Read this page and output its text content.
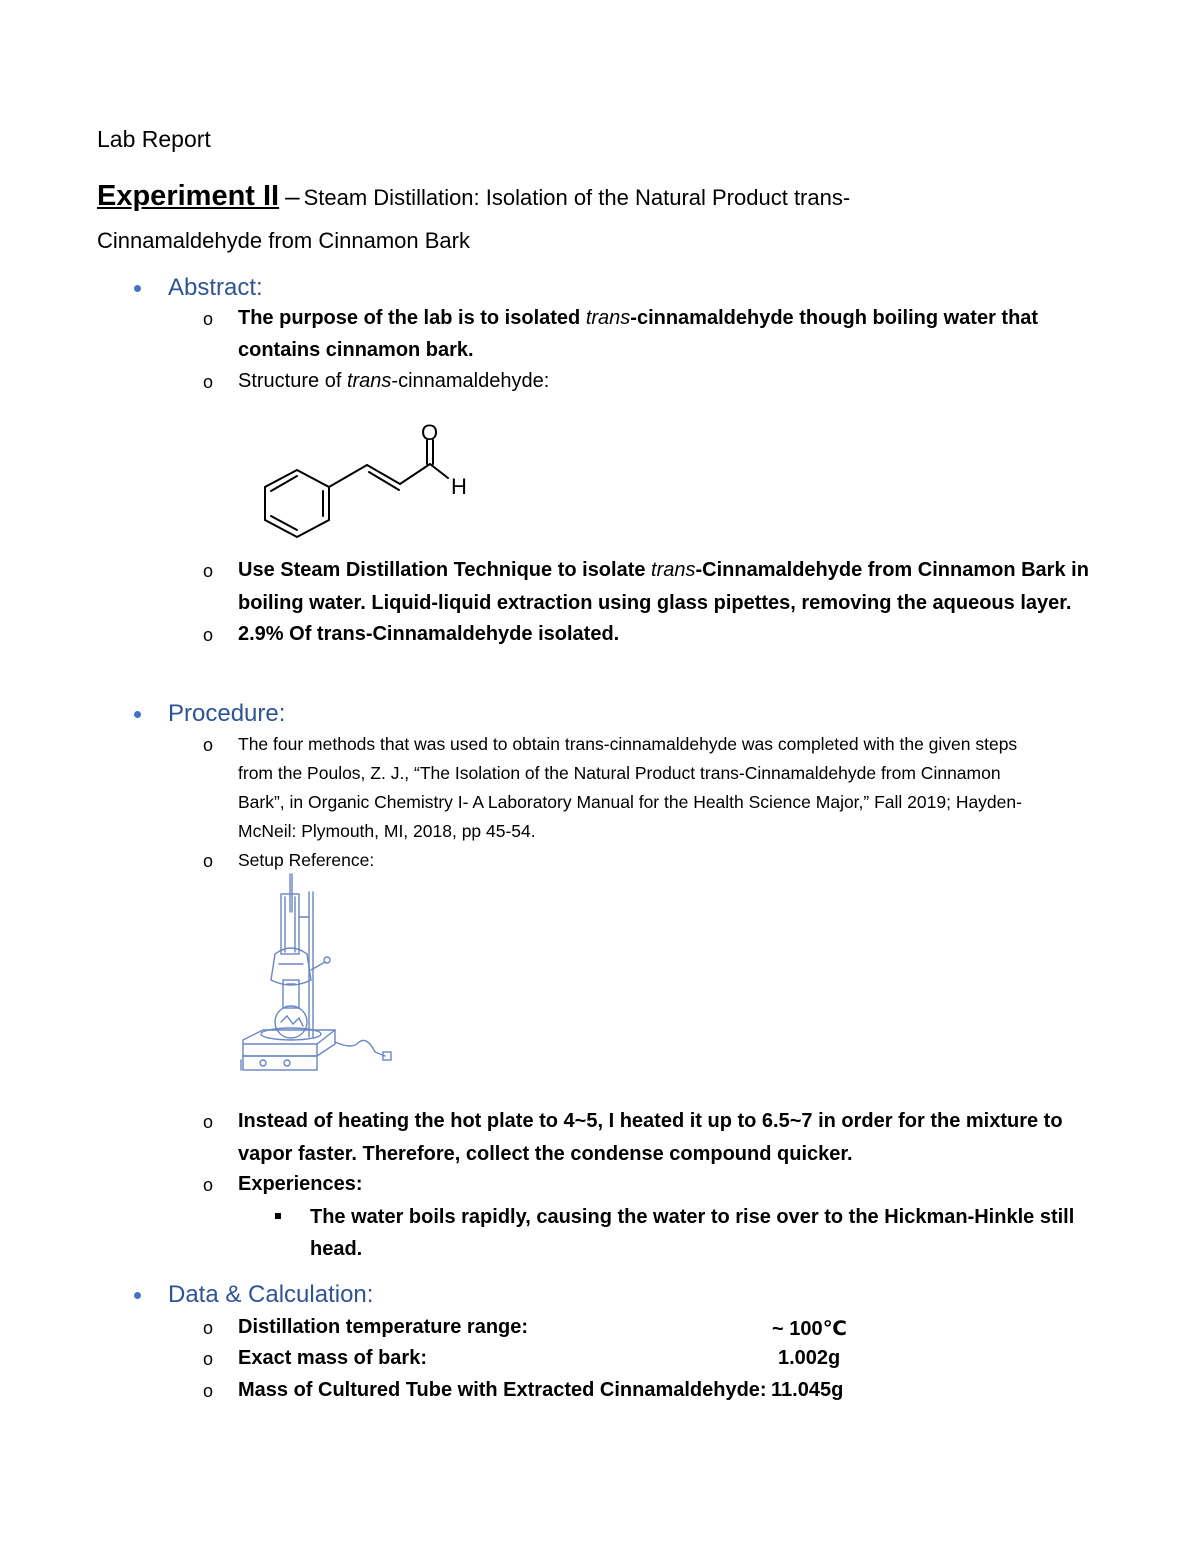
Lab Report
Experiment II – Steam Distillation: Isolation of the Natural Product trans-
Cinnamaldehyde from Cinnamon Bark
Abstract:
o The purpose of the lab is to isolated trans-cinnamaldehyde though boiling water that
contains cinnamon bark.
o Structure of trans-cinnamaldehyde:
O
H
o Use Steam Distillation Technique to isolate trans-Cinnamaldehyde from Cinnamon Bark in
boiling water. Liquid-liquid extraction using glass pipettes, removing the aqueous layer.
o 2.9% Of trans-Cinnamaldehyde isolated.
Procedure:
o The four methods that was used to obtain trans-cinnamaldehyde was completed with the given steps
from the Poulos, Z. J., “The Isolation of the Natural Product trans-Cinnamaldehyde from Cinnamon
Bark”, in Organic Chemistry I- A Laboratory Manual for the Health Science Major,” Fall 2019; Hayden-
McNeil: Plymouth, MI, 2018, pp 45-54.
o Setup Reference:
o Instead of heating the hot plate to 4~5, I heated it up to 6.5~7 in order for the mixture to
vapor faster. Therefore, collect the condense compound quicker.
o Experiences:
The water boils rapidly, causing the water to rise over to the Hickman-Hinkle still
head.
Data & Calculation:
o Distillation temperature range:	~ 100℃
o Exact mass of bark:	1.002g
o Mass of Cultured Tube with Extracted Cinnamaldehyde: 11.045g
